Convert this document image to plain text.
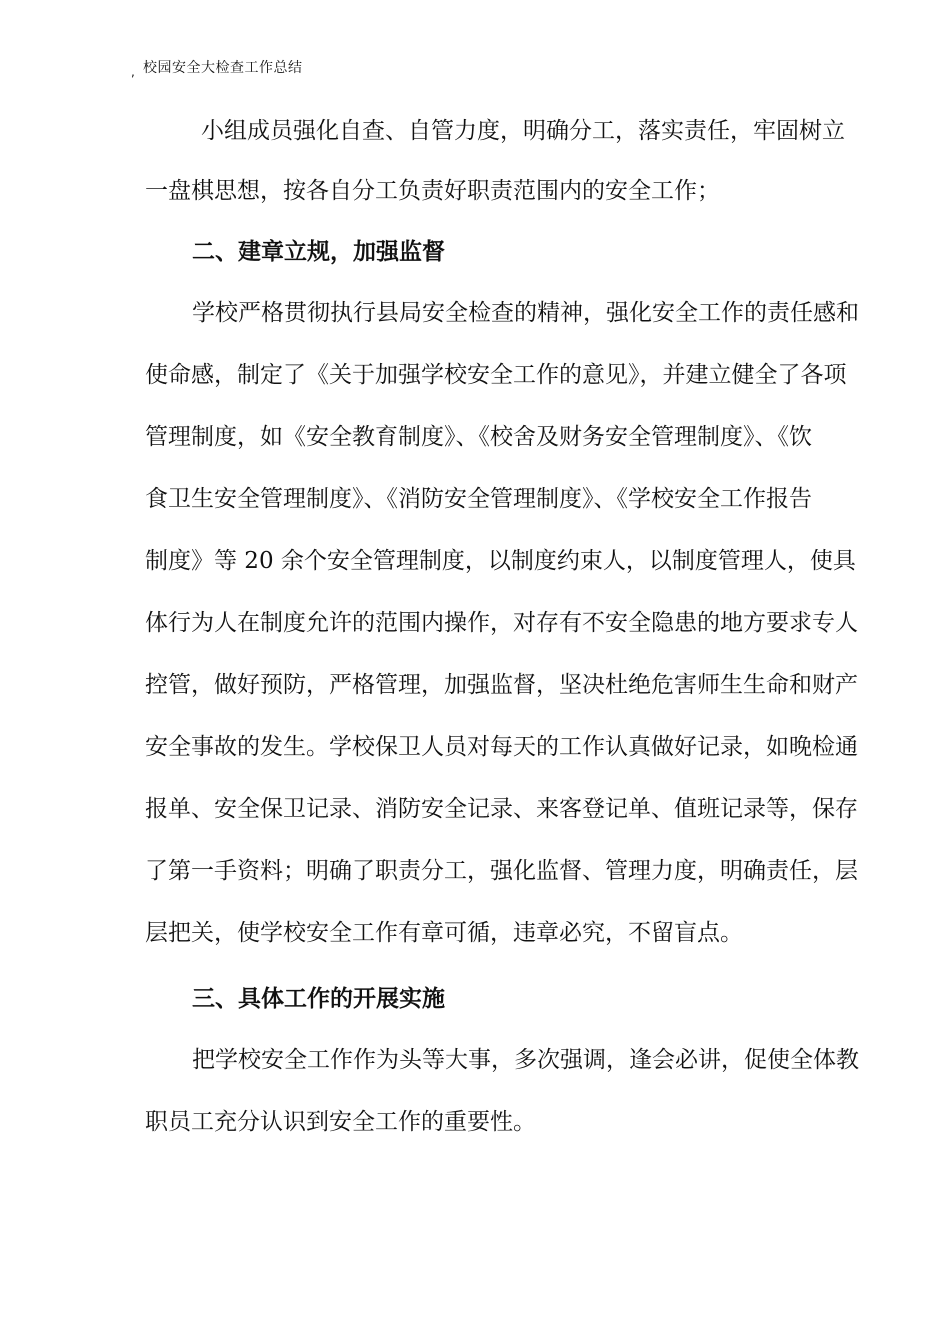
, 校园安全大检查工作总结
小组成员强化自查、自管力度，明确分工，落实责任，牢固树立
一盘棋思想，按各自分工负责好职责范围内的安全工作；
二、建章立规，加强监督
学校严格贯彻执行县局安全检查的精神，强化安全工作的责任感和
使命感，制定了《关于加强学校安全工作的意见》，并建立健全了各项
管理制度，如《安全教育制度》、《校舍及财务安全管理制度》、《饮
食卫生安全管理制度》、《消防安全管理制度》、《学校安全工作报告
制度》等 20 余个安全管理制度，以制度约束人，以制度管理人，使具
体行为人在制度允许的范围内操作，对存有不安全隐患的地方要求专人
控管，做好预防，严格管理，加强监督，坚决杜绝危害师生生命和财产
安全事故的发生。学校保卫人员对每天的工作认真做好记录，如晚检通
报单、安全保卫记录、消防安全记录、来客登记单、值班记录等，保存
了第一手资料；明确了职责分工，强化监督、管理力度，明确责任，层
层把关，使学校安全工作有章可循，违章必究，不留盲点。
三、具体工作的开展实施
把学校安全工作作为头等大事，多次强调，逢会必讲，促使全体教
职员工充分认识到安全工作的重要性。
